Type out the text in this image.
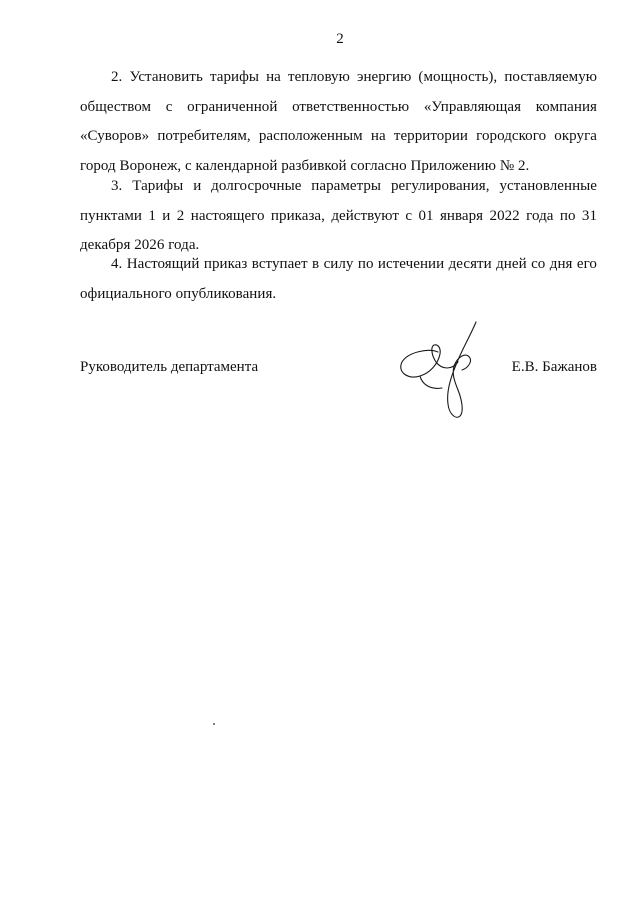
2

2. Установить тарифы на тепловую энергию (мощность), поставляемую обществом с ограниченной ответственностью «Управляющая компания «Суворов» потребителям, расположенным на территории городского округа город Воронеж, с календарной разбивкой согласно Приложению № 2.

3. Тарифы и долгосрочные параметры регулирования, установленные пунктами 1 и 2 настоящего приказа, действуют с 01 января 2022 года по 31 декабря 2026 года.

4. Настоящий приказ вступает в силу по истечении десяти дней со дня его официального опубликования.

Руководитель департамента	Е.В. Бажанов
